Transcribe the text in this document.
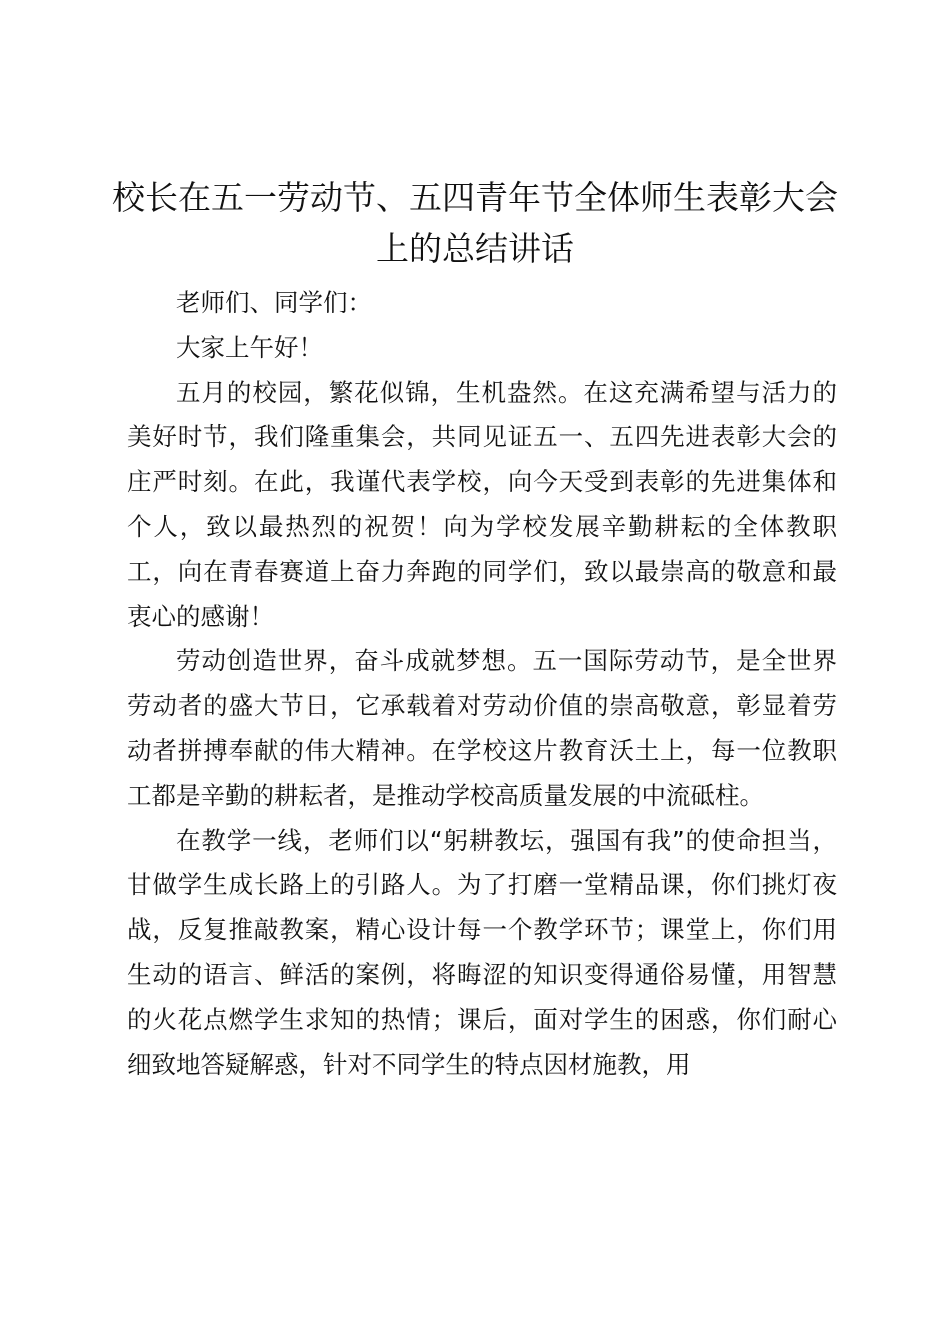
校长在五一劳动节、五四青年节全体师生表彰大会上的总结讲话

老师们、同学们：

大家上午好！

五月的校园，繁花似锦，生机盎然。在这充满希望与活力的美好时节，我们隆重集会，共同见证五一、五四先进表彰大会的庄严时刻。在此，我谨代表学校，向今天受到表彰的先进集体和个人，致以最热烈的祝贺！向为学校发展辛勤耕耘的全体教职工，向在青春赛道上奋力奔跑的同学们，致以最崇高的敬意和最衷心的感谢！

劳动创造世界，奋斗成就梦想。五一国际劳动节，是全世界劳动者的盛大节日，它承载着对劳动价值的崇高敬意，彰显着劳动者拼搏奉献的伟大精神。在学校这片教育沃土上，每一位教职工都是辛勤的耕耘者，是推动学校高质量发展的中流砥柱。

在教学一线，老师们以“躬耕教坛，强国有我”的使命担当，甘做学生成长路上的引路人。为了打磨一堂精品课，你们挑灯夜战，反复推敲教案，精心设计每一个教学环节；课堂上，你们用生动的语言、鲜活的案例，将晦涩的知识变得通俗易懂，用智慧的火花点燃学生求知的热情；课后，面对学生的困惑，你们耐心细致地答疑解惑，针对不同学生的特点因材施教，用
